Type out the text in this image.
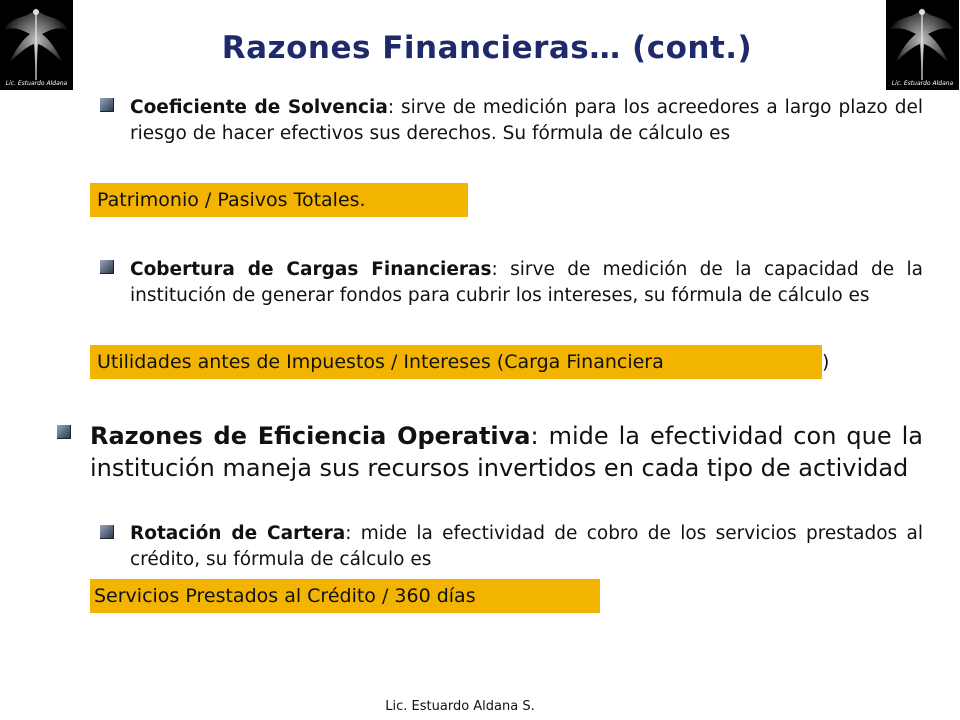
Lic. Estuardo Aldana	Lic. Estuardo Aldana
Razones Financieras… (cont.)

Coeficiente de Solvencia: sirve de medición para los acreedores a largo plazo del riesgo de hacer efectivos sus derechos. Su fórmula de cálculo es

Patrimonio / Pasivos Totales.

Cobertura de Cargas Financieras: sirve de medición de la capacidad de la institución de generar fondos para cubrir los intereses, su fórmula de cálculo es

Utilidades antes de Impuestos / Intereses (Carga Financiera	)

Razones de Eficiencia Operativa: mide la efectividad con que la institución maneja sus recursos invertidos en cada tipo de actividad

Rotación de Cartera: mide la efectividad de cobro de los servicios prestados al crédito, su fórmula de cálculo es

Servicios Prestados al Crédito / 360 días
Lic. Estuardo Aldana S.
